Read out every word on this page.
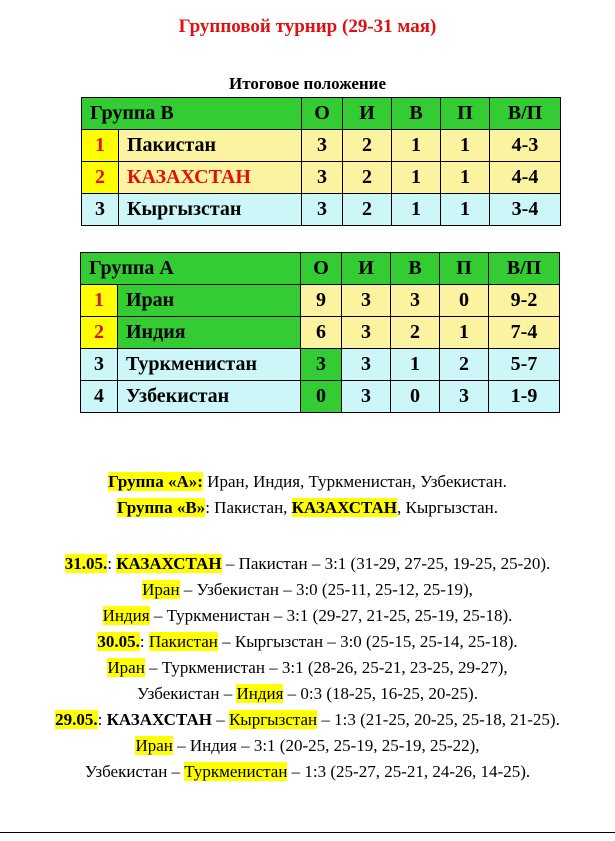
Групповой турнир (29-31 мая)
Итоговое положение
Группа В		О	И	В	П	В/П
1	Пакистан	3	2	1	1	4-3
2	КАЗАХСТАН	3	2	1	1	4-4
3	Кыргызстан	3	2	1	1	3-4
Группа А		О	И	В	П	В/П
1	Иран	9	3	3	0	9-2
2	Индия	6	3	2	1	7-4
3	Туркменистан	3	3	1	2	5-7
4	Узбекистан	0	3	0	3	1-9
Группа «А»: Иран, Индия, Туркменистан, Узбекистан.
Группа «В»: Пакистан, КАЗАХСТАН, Кыргызстан.
31.05.: КАЗАХСТАН – Пакистан – 3:1 (31-29, 27-25, 19-25, 25-20).
Иран – Узбекистан – 3:0 (25-11, 25-12, 25-19),
Индия – Туркменистан – 3:1 (29-27, 21-25, 25-19, 25-18).
30.05.: Пакистан – Кыргызстан – 3:0 (25-15, 25-14, 25-18).
Иран – Туркменистан – 3:1 (28-26, 25-21, 23-25, 29-27),
Узбекистан – Индия – 0:3 (18-25, 16-25, 20-25).
29.05.: КАЗАХСТАН – Кыргызстан – 1:3 (21-25, 20-25, 25-18, 21-25).
Иран – Индия – 3:1 (20-25, 25-19, 25-19, 25-22),
Узбекистан – Туркменистан – 1:3 (25-27, 25-21, 24-26, 14-25).
